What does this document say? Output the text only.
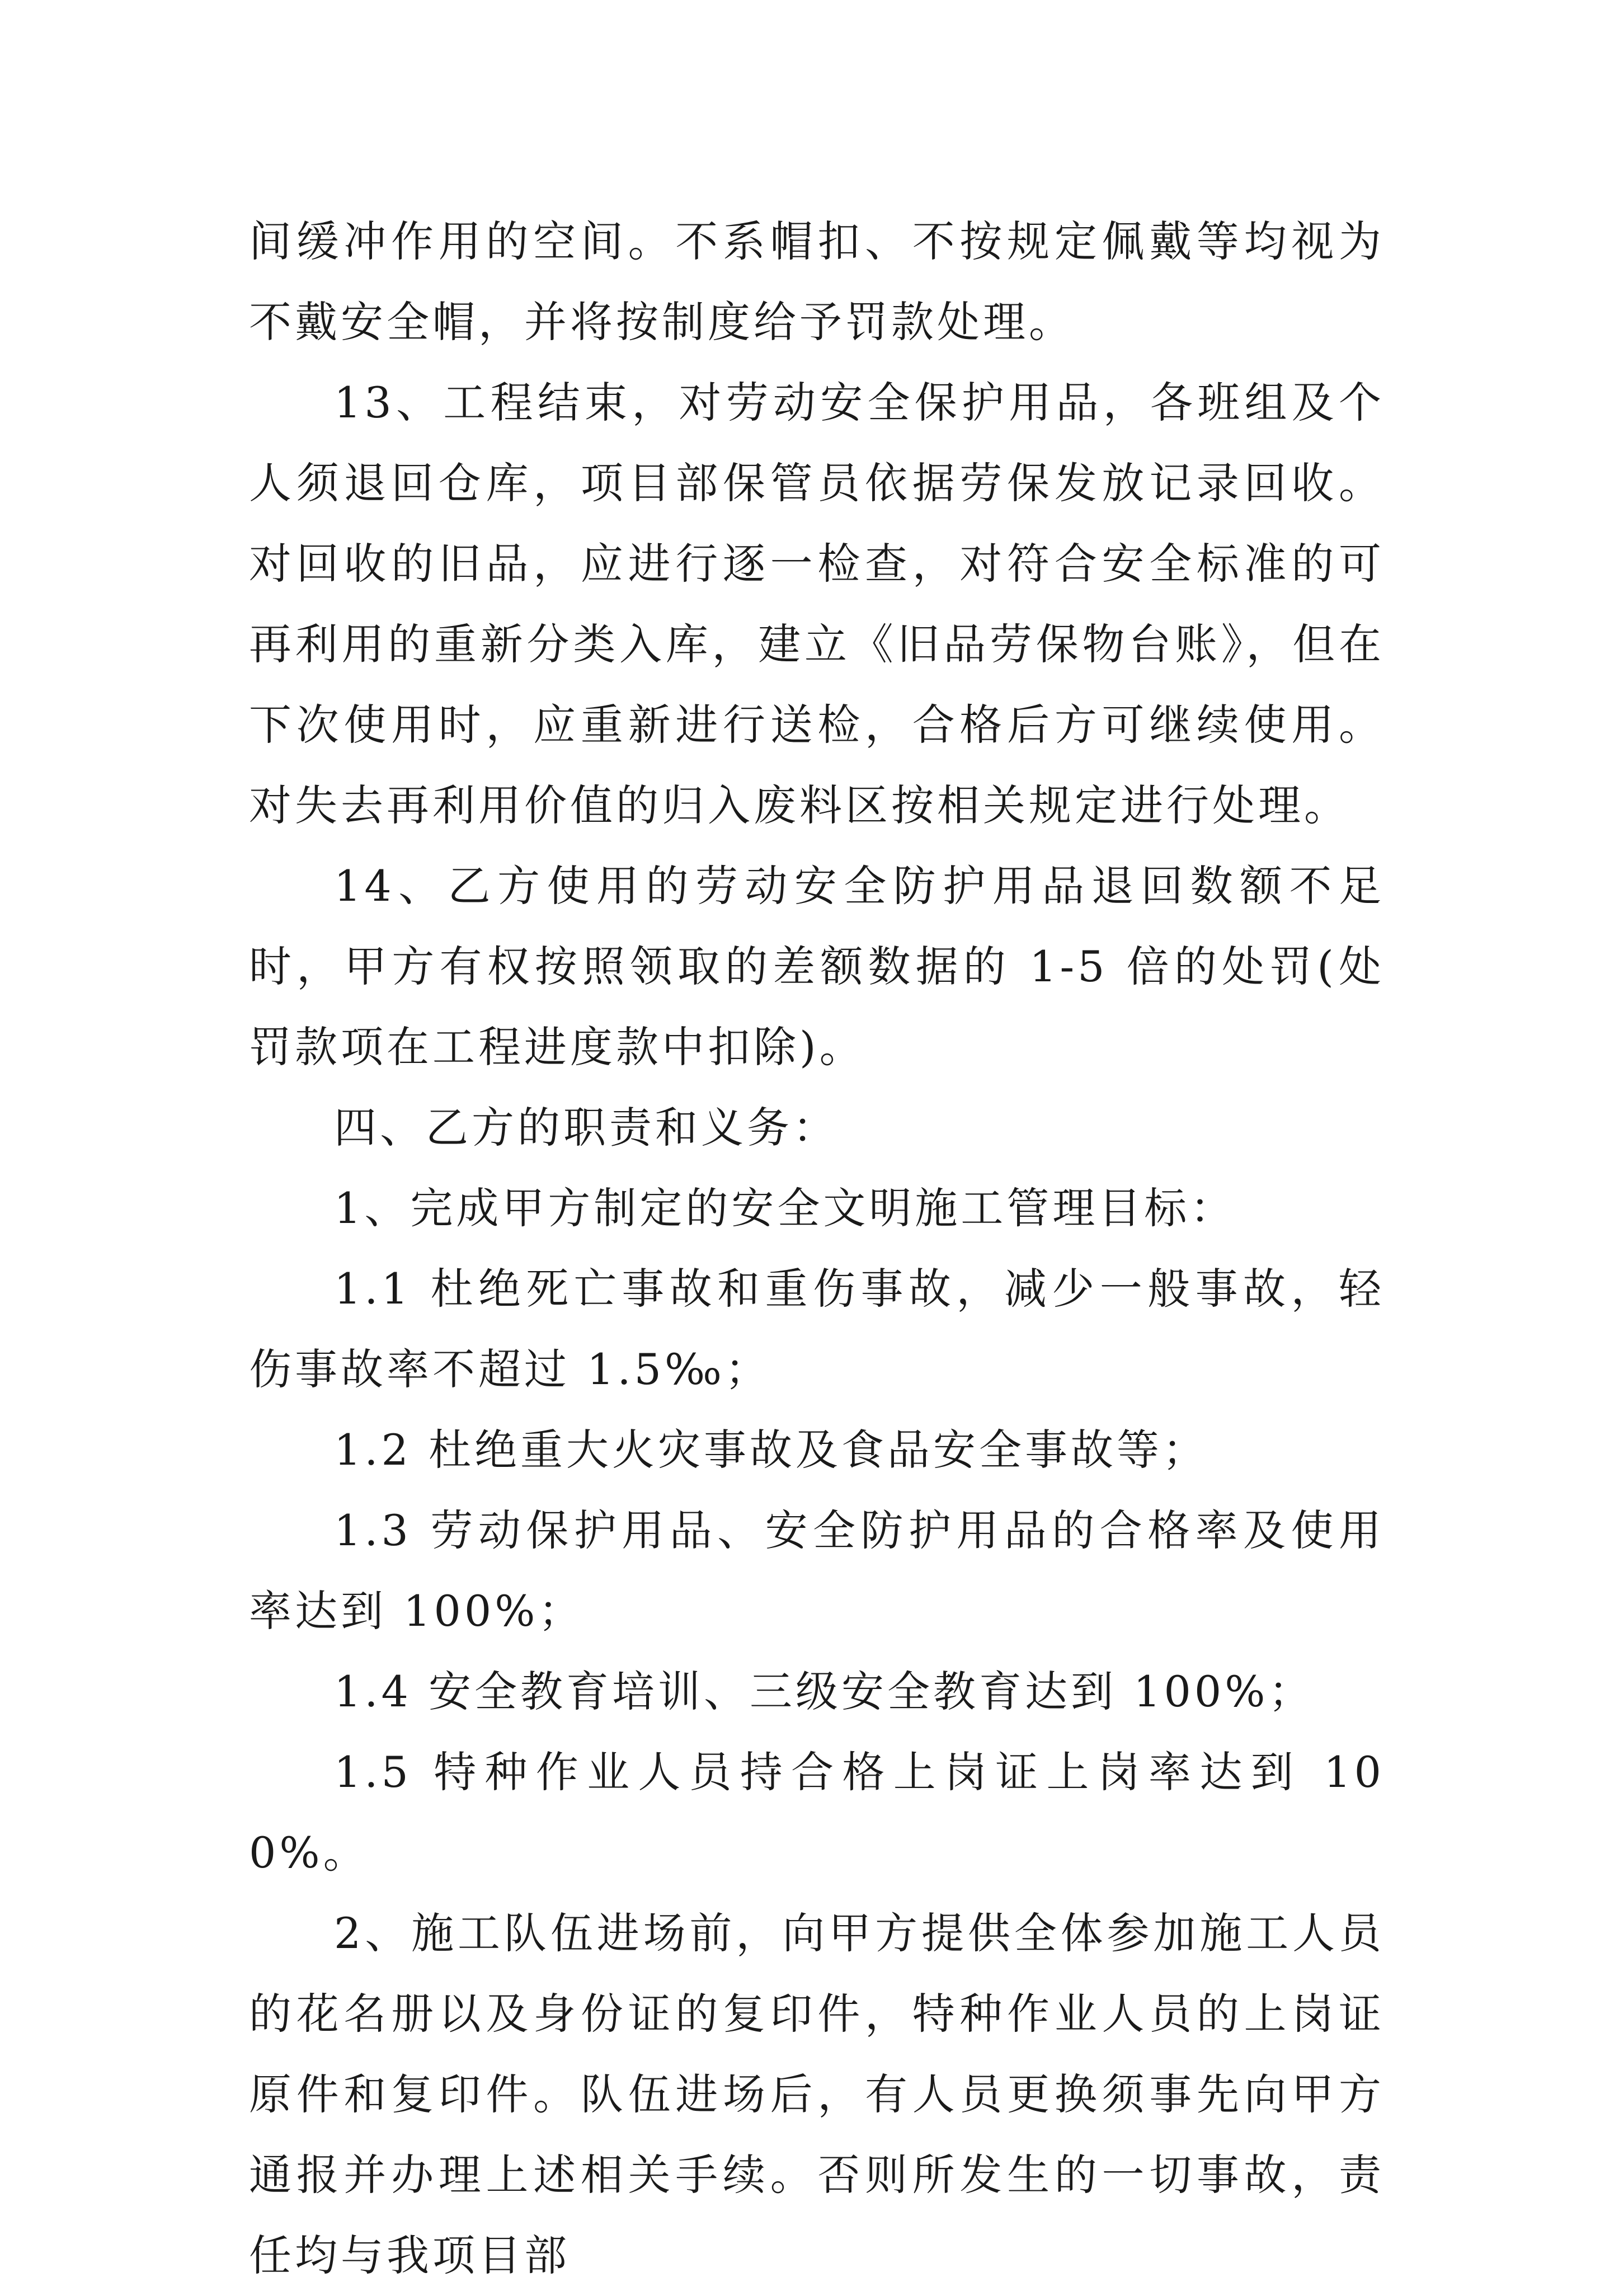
间缓冲作用的空间。不系帽扣、不按规定佩戴等均视为不戴安全帽，并将按制度给予罚款处理。

13、工程结束，对劳动安全保护用品，各班组及个人须退回仓库，项目部保管员依据劳保发放记录回收。对回收的旧品，应进行逐一检查，对符合安全标准的可再利用的重新分类入库，建立《旧品劳保物台账》，但在下次使用时，应重新进行送检，合格后方可继续使用。对失去再利用价值的归入废料区按相关规定进行处理。

14、乙方使用的劳动安全防护用品退回数额不足时，甲方有权按照领取的差额数据的 1-5 倍的处罚(处罚款项在工程进度款中扣除)。

四、乙方的职责和义务：

1、完成甲方制定的安全文明施工管理目标：

1.1 杜绝死亡事故和重伤事故，减少一般事故，轻伤事故率不超过 1.5‰；

1.2 杜绝重大火灾事故及食品安全事故等；

1.3 劳动保护用品、安全防护用品的合格率及使用率达到 100%；

1.4 安全教育培训、三级安全教育达到 100%；

1.5 特种作业人员持合格上岗证上岗率达到 100%。

2、施工队伍进场前，向甲方提供全体参加施工人员的花名册以及身份证的复印件，特种作业人员的上岗证原件和复印件。队伍进场后，有人员更换须事先向甲方通报并办理上述相关手续。否则所发生的一切事故，责任均与我项目部
